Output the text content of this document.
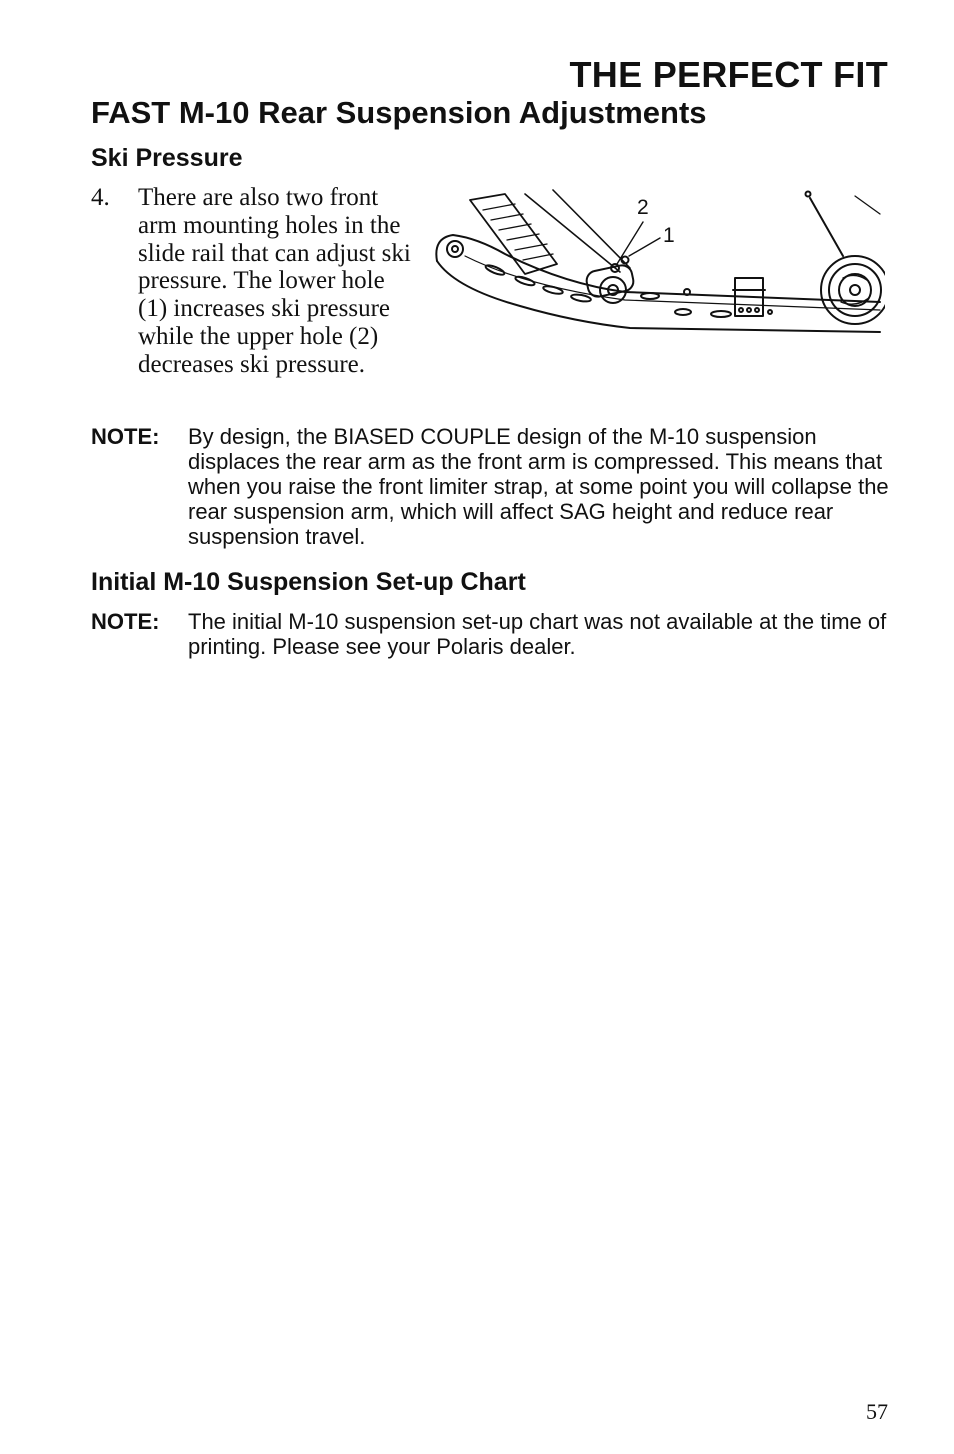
THE PERFECT FIT
FAST M-10 Rear Suspension Adjustments
Ski Pressure
4. There are also two front arm mounting holes in the slide rail that can adjust ski pressure. The lower hole (1) increases ski pressure while the upper hole (2) decreases ski pressure.
2
1
NOTE: By design, the BIASED COUPLE design of the M-10 suspension displaces the rear arm as the front arm is compressed. This means that when you raise the front limiter strap, at some point you will collapse the rear suspension arm, which will affect SAG height and reduce rear suspension travel.
Initial M-10 Suspension Set-up Chart
NOTE: The initial M-10 suspension set-up chart was not available at the time of printing. Please see your Polaris dealer.
57
